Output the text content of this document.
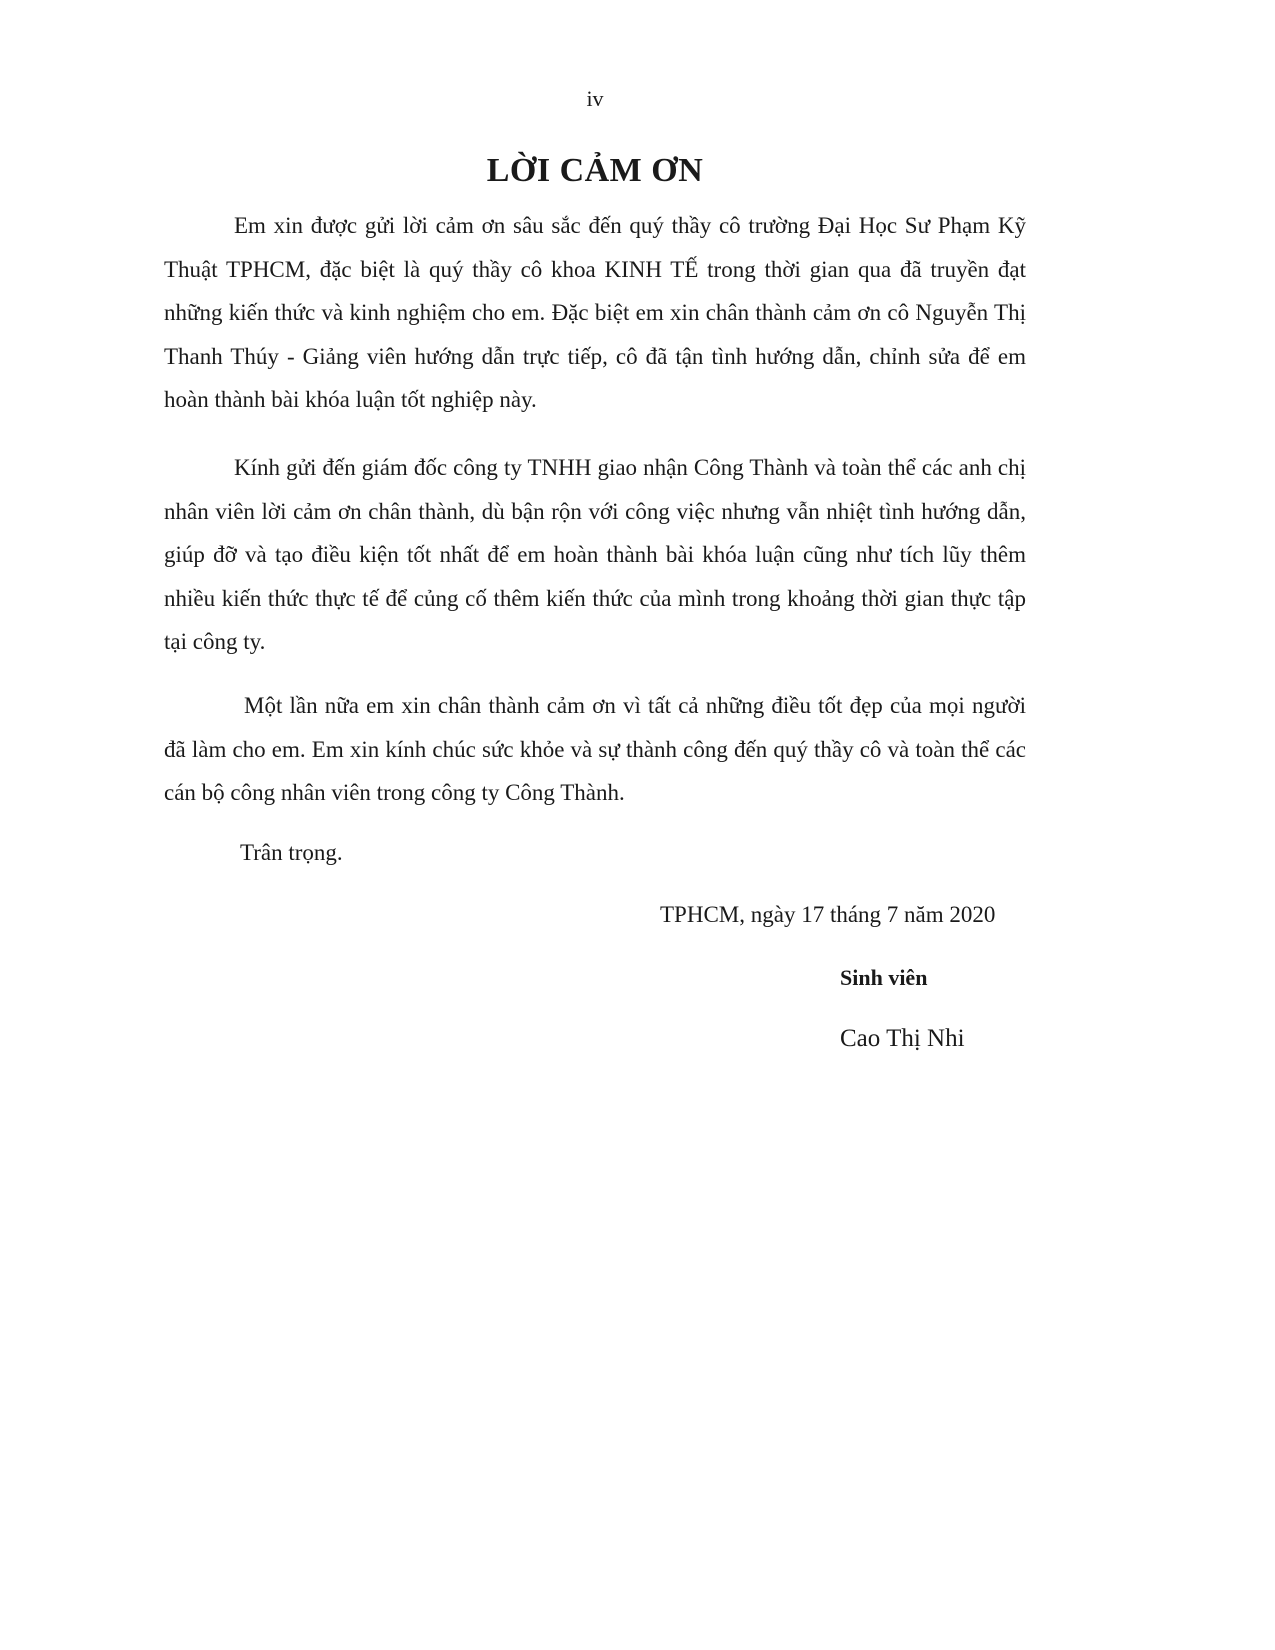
iv
LỜI CẢM ƠN

Em xin được gửi lời cảm ơn sâu sắc đến quý thầy cô trường Đại Học Sư Phạm Kỹ Thuật TPHCM, đặc biệt là quý thầy cô khoa KINH TẾ trong thời gian qua đã truyền đạt những kiến thức và kinh nghiệm cho em. Đặc biệt em xin chân thành cảm ơn cô Nguyễn Thị Thanh Thúy - Giảng viên hướng dẫn trực tiếp, cô đã tận tình hướng dẫn, chỉnh sửa để em hoàn thành bài khóa luận tốt nghiệp này.

Kính gửi đến giám đốc công ty TNHH giao nhận Công Thành và toàn thể các anh chị nhân viên lời cảm ơn chân thành, dù bận rộn với công việc nhưng vẫn nhiệt tình hướng dẫn, giúp đỡ và tạo điều kiện tốt nhất để em hoàn thành bài khóa luận cũng như tích lũy thêm nhiều kiến thức thực tế để củng cố thêm kiến thức của mình trong khoảng thời gian thực tập tại công ty.

Một lần nữa em xin chân thành cảm ơn vì tất cả những điều tốt đẹp của mọi người đã làm cho em. Em xin kính chúc sức khỏe và sự thành công đến quý thầy cô và toàn thể các cán bộ công nhân viên trong công ty Công Thành.

Trân trọng.
TPHCM, ngày 17 tháng 7 năm 2020
Sinh viên
Cao Thị Nhi
